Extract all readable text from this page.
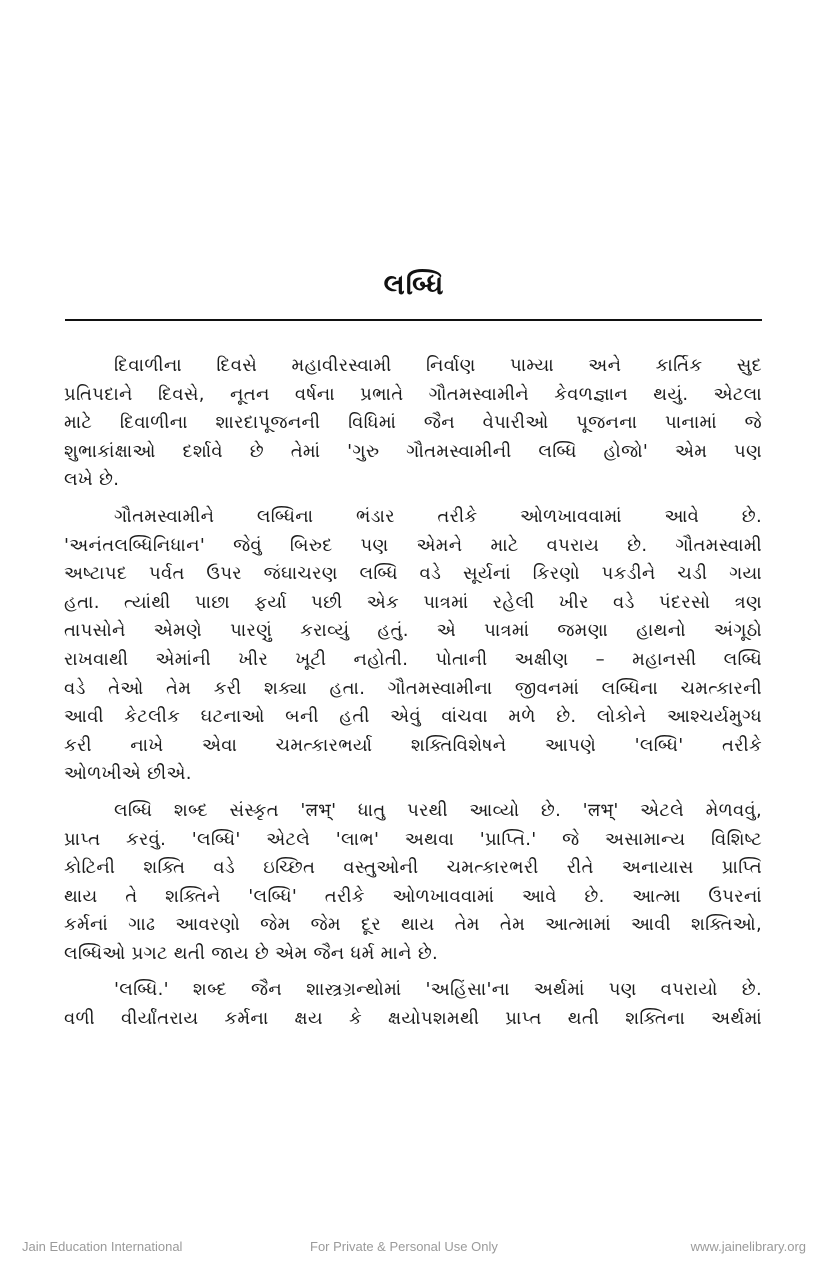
લબ્ધિ
દિવાળીના દિવસે મહાવીરસ્વામી નિર્વાણ પામ્યા અને કાર્તિક સુદ
પ્રતિપદાને દિવસે, નૂતન વર્ષના પ્રભાતે ગૌતમસ્વામીને કેવળજ્ઞાન થયું. એટલા
માટે દિવાળીના શારદાપૂજનની વિધિમાં જૈન વેપારીઓ પૂજનના પાનામાં જે
શુભાકાંક્ષાઓ દર્શાવે છે તેમાં 'ગુરુ ગૌતમસ્વામીની લબ્ધિ હોજો' એમ પણ
લખે છે.
ગૌતમસ્વામીને લબ્ધિના ભંડાર તરીકે ઓળખાવવામાં આવે છે.
'અનંતલબ્ધિનિધાન' જેવું બિરુદ પણ એમને માટે વપરાય છે. ગૌતમસ્વામી
અષ્ટાપદ પર્વત ઉપર જંઘાચરણ લબ્ધિ વડે સૂર્યનાં કિરણો પકડીને ચડી ગયા
હતા. ત્યાંથી પાછા ફર્યા પછી એક પાત્રમાં રહેલી ખીર વડે પંદરસો ત્રણ
તાપસોને એમણે પારણું કરાવ્યું હતું. એ પાત્રમાં જમણા હાથનો અંગૂઠો
રાખવાથી એમાંની ખીર ખૂટી નહોતી. પોતાની અક્ષીણ – મહાનસી લબ્ધિ
વડે તેઓ તેમ કરી શક્યા હતા. ગૌતમસ્વામીના જીવનમાં લબ્ધિના ચમત્કારની
આવી કેટલીક ઘટનાઓ બની હતી એવું વાંચવા મળે છે. લોકોને આશ્ચર્યમુગ્ધ
કરી નાખે એવા ચમત્કારભર્યા શક્તિવિશેષને આપણે 'લબ્ધિ' તરીકે
ઓળખીએ છીએ.
લબ્ધિ શબ્દ સંસ્કૃત 'लभ्' ધાતુ પરથી આવ્યો છે. 'लभ्' એટલે મેળવવું,
પ્રાપ્ત કરવું. 'લબ્ધિ' એટલે 'લાભ' અથવા 'પ્રાપ્તિ.' જે અસામાન્ય વિશિષ્ટ
કોટિની શક્તિ વડે ઇચ્છિત વસ્તુઓની ચમત્કારભરી રીતે અનાયાસ પ્રાપ્તિ
થાય તે શક્તિને 'લબ્ધિ' તરીકે ઓળખાવવામાં આવે છે. આત્મા ઉપરનાં
કર્મનાં ગાઢ આવરણો જેમ જેમ દૂર થાય તેમ તેમ આત્મામાં આવી શક્તિઓ,
લબ્ધિઓ પ્રગટ થતી જાય છે એમ જૈન ધર્મ માને છે.
'લબ્ધિ.' શબ્દ જૈન શાસ્ત્રગ્રન્થોમાં 'અહિંસા'ના અર્થમાં પણ વપરાયો છે.
વળી વીર્યાંતરાય કર્મના ક્ષય કે ક્ષયોપશમથી પ્રાપ્ત થતી શક્તિના અર્થમાં
Jain Education International	For Private & Personal Use Only	www.jainelibrary.org
